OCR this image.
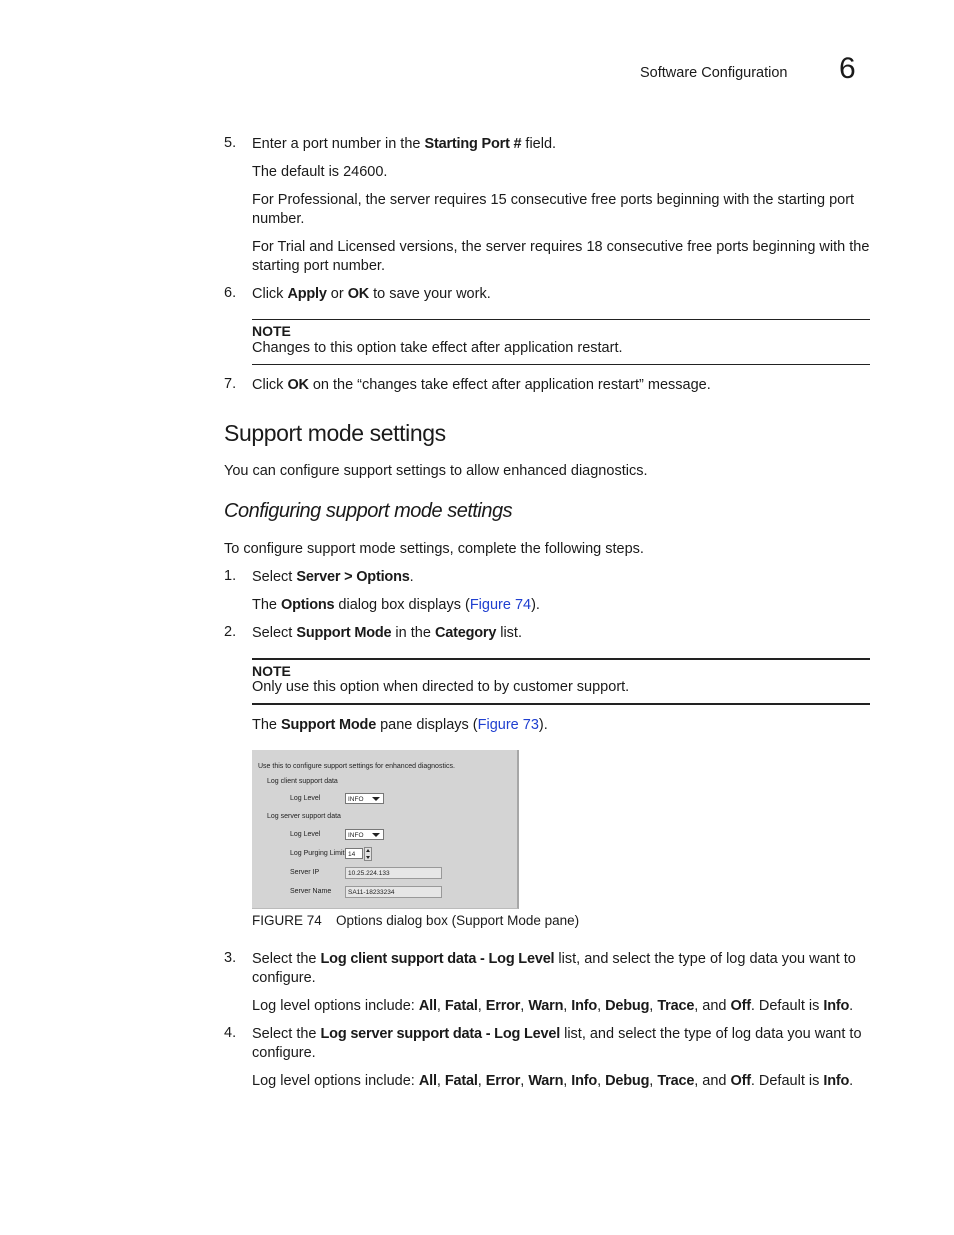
Software Configuration 6
5. Enter a port number in the Starting Port # field.
The default is 24600.
For Professional, the server requires 15 consecutive free ports beginning with the starting port number.
For Trial and Licensed versions, the server requires 18 consecutive free ports beginning with the starting port number.
6. Click Apply or OK to save your work.
NOTE
Changes to this option take effect after application restart.
7. Click OK on the “changes take effect after application restart” message.
Support mode settings
You can configure support settings to allow enhanced diagnostics.
Configuring support mode settings
To configure support mode settings, complete the following steps.
1. Select Server > Options.
The Options dialog box displays (Figure 74).
2. Select Support Mode in the Category list.
NOTE
Only use this option when directed to by customer support.
The Support Mode pane displays (Figure 73).
Use this to configure support settings for enhanced diagnostics.
Log client support data
Log Level	INFO
Log server support data
Log Level	INFO
Log Purging Limit 14
Server IP	10.25.224.133
Server Name	SA11-18233234
FIGURE 74 Options dialog box (Support Mode pane)
3. Select the Log client support data - Log Level list, and select the type of log data you want to configure.
Log level options include: All, Fatal, Error, Warn, Info, Debug, Trace, and Off. Default is Info.
4. Select the Log server support data - Log Level list, and select the type of log data you want to configure.
Log level options include: All, Fatal, Error, Warn, Info, Debug, Trace, and Off. Default is Info.
